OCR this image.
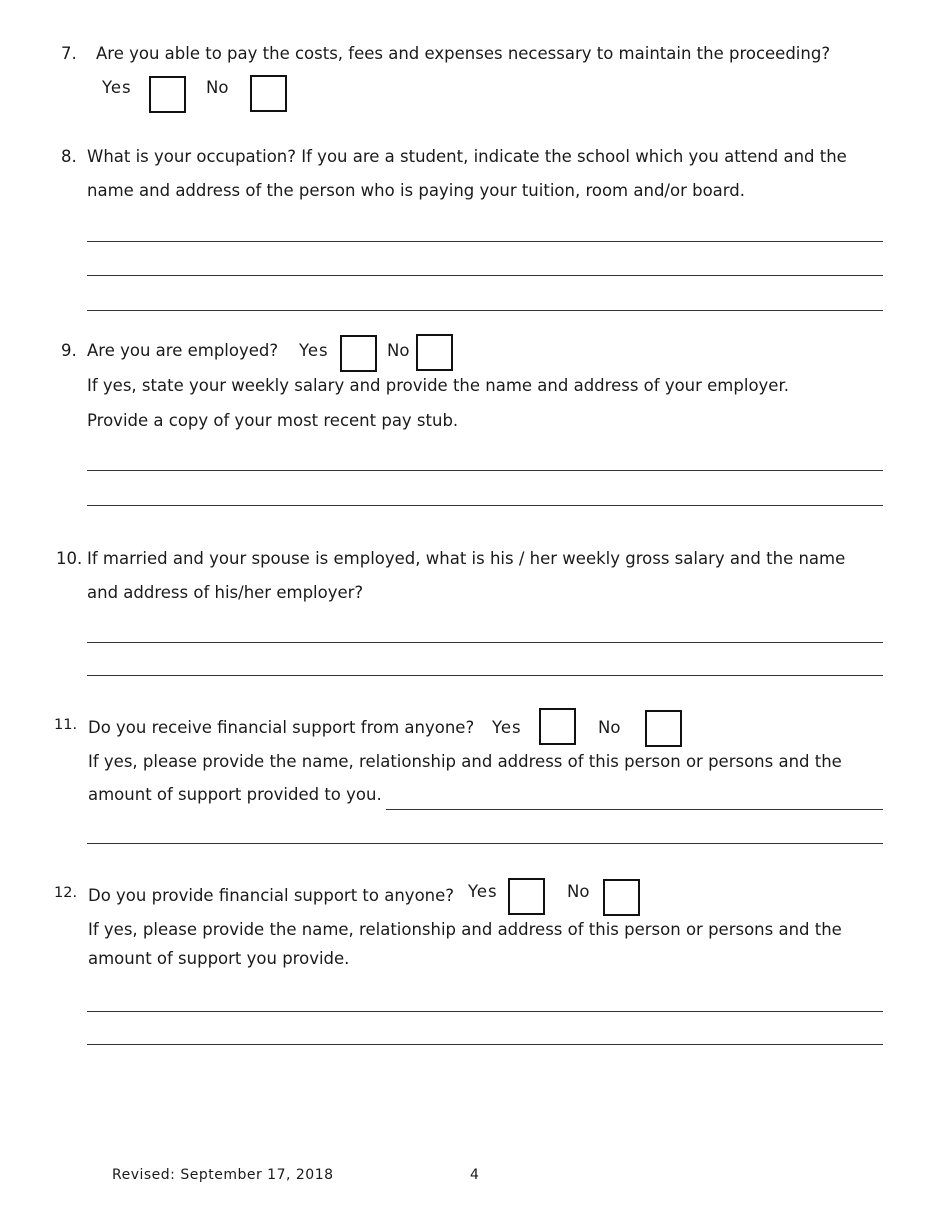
7. Are you able to pay the costs, fees and expenses necessary to maintain the proceeding?
Yes	No
8. What is your occupation? If you are a student, indicate the school which you attend and the
name and address of the person who is paying your tuition, room and/or board.
9. Are you are employed? Yes	No
If yes, state your weekly salary and provide the name and address of your employer.
Provide a copy of your most recent pay stub.
10. If married and your spouse is employed, what is his / her weekly gross salary and the name
and address of his/her employer?
11. Do you receive financial support from anyone? Yes	No
If yes, please provide the name, relationship and address of this person or persons and the
amount of support provided to you.
12. Do you provide financial support to anyone? Yes	No
If yes, please provide the name, relationship and address of this person or persons and the
amount of support you provide.
Revised: September 17, 2018	4
